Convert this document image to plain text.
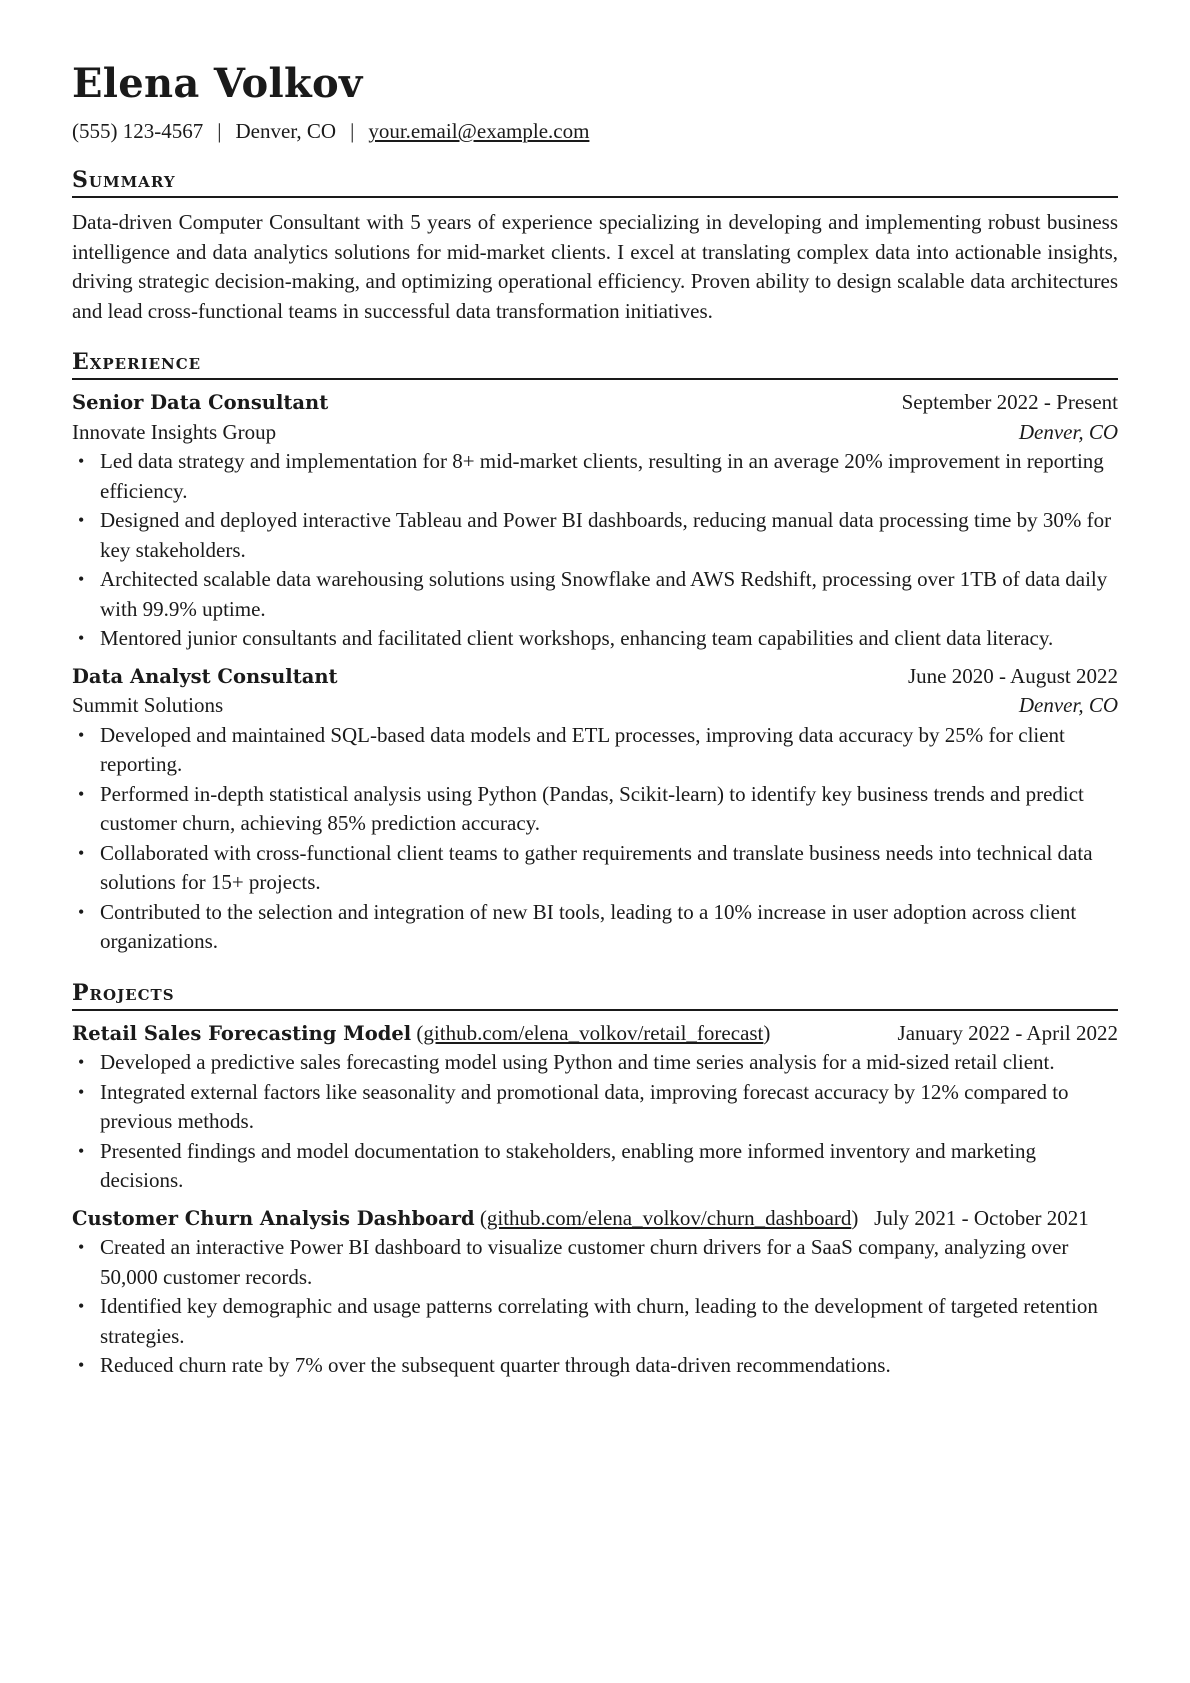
Elena Volkov
(555) 123-4567 | Denver, CO | your.email@example.com
Summary
Data-driven Computer Consultant with 5 years of experience specializing in developing and implementing robust business intelligence and data analytics solutions for mid-market clients. I excel at translating complex data into actionable insights, driving strategic decision-making, and optimizing operational efficiency. Proven ability to design scalable data architectures and lead cross-functional teams in successful data transformation initiatives.
Experience
Senior Data Consultant	September 2022 - Present
Innovate Insights Group	Denver, CO
• Led data strategy and implementation for 8+ mid-market clients, resulting in an average 20% improvement in reporting efficiency.
• Designed and deployed interactive Tableau and Power BI dashboards, reducing manual data processing time by 30% for key stakeholders.
• Architected scalable data warehousing solutions using Snowflake and AWS Redshift, processing over 1TB of data daily with 99.9% uptime.
• Mentored junior consultants and facilitated client workshops, enhancing team capabilities and client data literacy.
Data Analyst Consultant	June 2020 - August 2022
Summit Solutions	Denver, CO
• Developed and maintained SQL-based data models and ETL processes, improving data accuracy by 25% for client reporting.
• Performed in-depth statistical analysis using Python (Pandas, Scikit-learn) to identify key business trends and predict customer churn, achieving 85% prediction accuracy.
• Collaborated with cross-functional client teams to gather requirements and translate business needs into technical data solutions for 15+ projects.
• Contributed to the selection and integration of new BI tools, leading to a 10% increase in user adoption across client organizations.
Projects
Retail Sales Forecasting Model (github.com/elena_volkov/retail_forecast)	January 2022 - April 2022
• Developed a predictive sales forecasting model using Python and time series analysis for a mid-sized retail client.
• Integrated external factors like seasonality and promotional data, improving forecast accuracy by 12% compared to previous methods.
• Presented findings and model documentation to stakeholders, enabling more informed inventory and marketing decisions.
Customer Churn Analysis Dashboard (github.com/elena_volkov/churn_dashboard)   July 2021 - October 2021
• Created an interactive Power BI dashboard to visualize customer churn drivers for a SaaS company, analyzing over 50,000 customer records.
• Identified key demographic and usage patterns correlating with churn, leading to the development of targeted retention strategies.
• Reduced churn rate by 7% over the subsequent quarter through data-driven recommendations.
